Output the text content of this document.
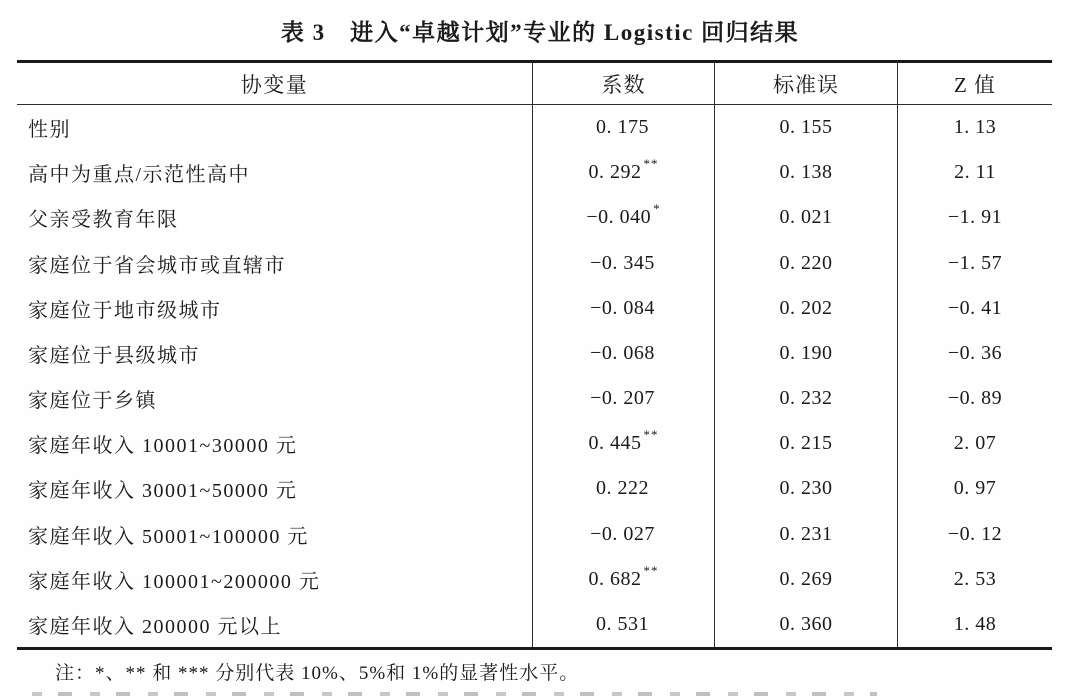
表 3　进入“卓越计划”专业的 Logistic 回归结果
协变量	系数	标准误	Z 值
性别	0. 175	0. 155	1. 13
高中为重点/示范性高中	0. 292 **	0. 138	2. 11
父亲受教育年限	−0. 040 *	0. 021	−1. 91
家庭位于省会城市或直辖市	−0. 345	0. 220	−1. 57
家庭位于地市级城市	−0. 084	0. 202	−0. 41
家庭位于县级城市	−0. 068	0. 190	−0. 36
家庭位于乡镇	−0. 207	0. 232	−0. 89
家庭年收入 10001~30000 元	0. 445 **	0. 215	2. 07
家庭年收入 30001~50000 元	0. 222	0. 230	0. 97
家庭年收入 50001~100000 元	−0. 027	0. 231	−0. 12
家庭年收入 100001~200000 元	0. 682 **	0. 269	2. 53
家庭年收入 200000 元以上	0. 531	0. 360	1. 48
注：*、** 和 *** 分别代表 10%、5%和 1%的显著性水平。
